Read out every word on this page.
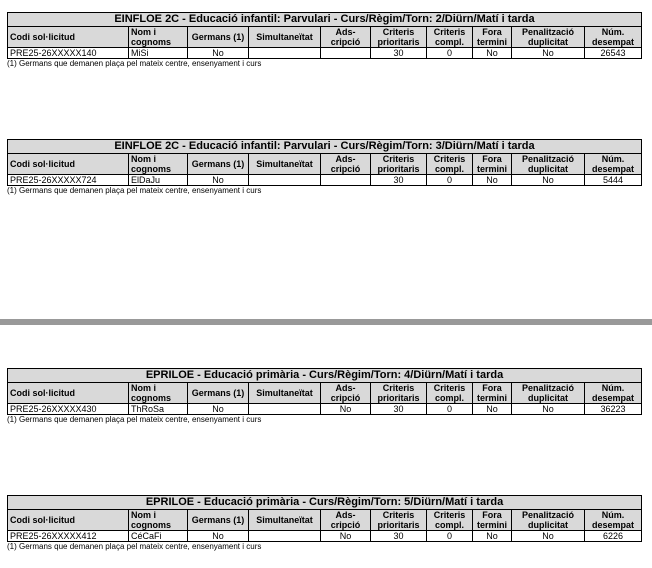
EINFLOE 2C - Educació infantil: Parvulari - Curs/Règim/Torn: 2/Diürn/Matí i tarda									
Codi sol·licitud	Nom i cognoms	Germans (1)	Simultaneïtat	Ads-cripció	Criteris prioritaris	Criteris compl.	Fora termini	Penalització duplicitat	Núm. desempat
PRE25-26XXXXX140	MiSi	No			30	0	No	No	26543
(1) Germans que demanen plaça pel mateix centre, ensenyament i curs
EINFLOE 2C - Educació infantil: Parvulari - Curs/Règim/Torn: 3/Diürn/Matí i tarda									
Codi sol·licitud	Nom i cognoms	Germans (1)	Simultaneïtat	Ads-cripció	Criteris prioritaris	Criteris compl.	Fora termini	Penalització duplicitat	Núm. desempat
PRE25-26XXXXX724	ElDaJu	No			30	0	No	No	5444
(1) Germans que demanen plaça pel mateix centre, ensenyament i curs
EPRILOE - Educació primària - Curs/Règim/Torn: 4/Diürn/Matí i tarda									
Codi sol·licitud	Nom i cognoms	Germans (1)	Simultaneïtat	Ads-cripció	Criteris prioritaris	Criteris compl.	Fora termini	Penalització duplicitat	Núm. desempat
PRE25-26XXXXX430	ThRoSa	No		No	30	0	No	No	36223
(1) Germans que demanen plaça pel mateix centre, ensenyament i curs
EPRILOE - Educació primària - Curs/Règim/Torn: 5/Diürn/Matí i tarda									
Codi sol·licitud	Nom i cognoms	Germans (1)	Simultaneïtat	Ads-cripció	Criteris prioritaris	Criteris compl.	Fora termini	Penalització duplicitat	Núm. desempat
PRE25-26XXXXX412	CéCaFi	No		No	30	0	No	No	6226
(1) Germans que demanen plaça pel mateix centre, ensenyament i curs
